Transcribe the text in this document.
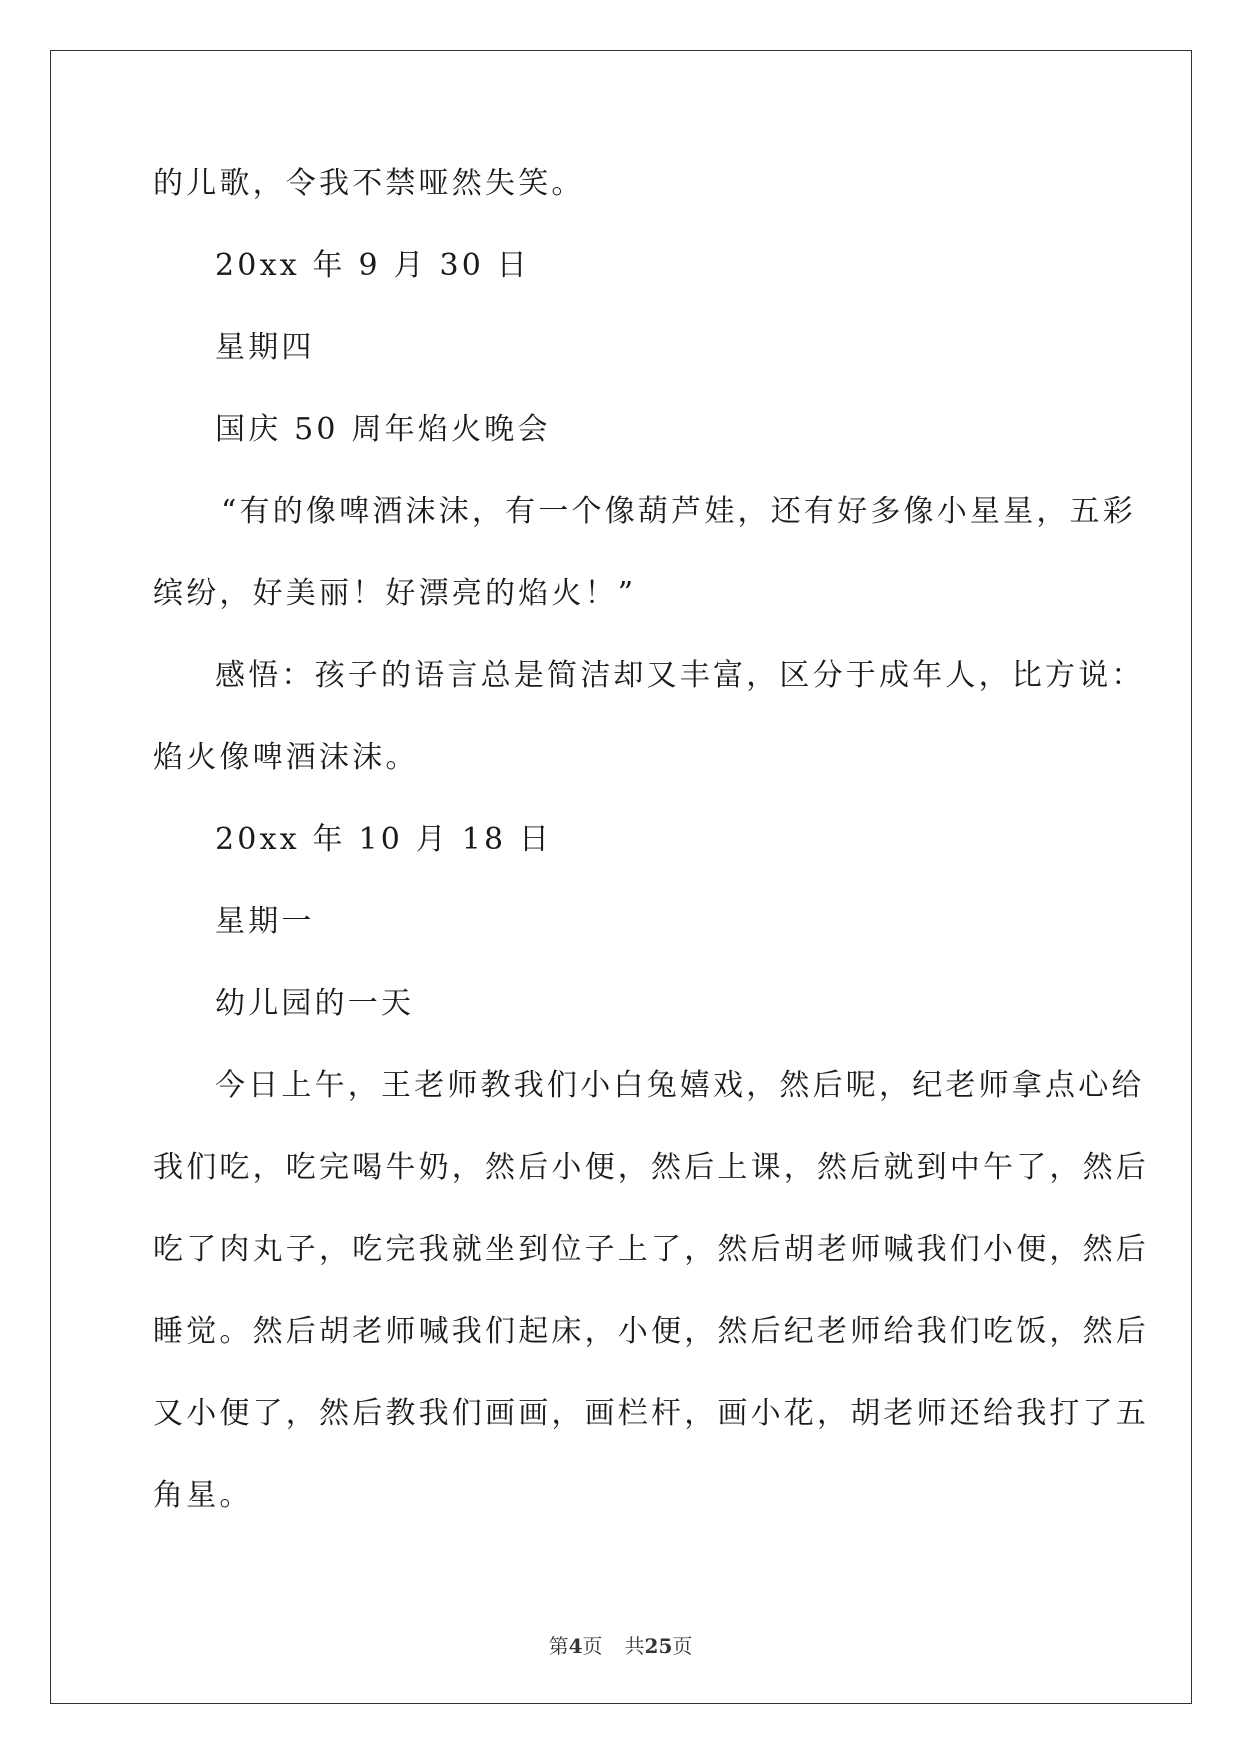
的儿歌，令我不禁哑然失笑。
20xx 年 9 月 30 日
星期四
国庆 50 周年焰火晚会
“有的像啤酒沫沫，有一个像葫芦娃，还有好多像小星星，五彩
缤纷，好美丽！好漂亮的焰火！”
感悟：孩子的语言总是简洁却又丰富，区分于成年人，比方说：
焰火像啤酒沫沫。
20xx 年 10 月 18 日
星期一
幼儿园的一天
今日上午，王老师教我们小白兔嬉戏，然后呢，纪老师拿点心给
我们吃，吃完喝牛奶，然后小便，然后上课，然后就到中午了，然后
吃了肉丸子，吃完我就坐到位子上了，然后胡老师喊我们小便，然后
睡觉。然后胡老师喊我们起床，小便，然后纪老师给我们吃饭，然后
又小便了，然后教我们画画，画栏杆，画小花，胡老师还给我打了五
角星。
第4页 共25页
